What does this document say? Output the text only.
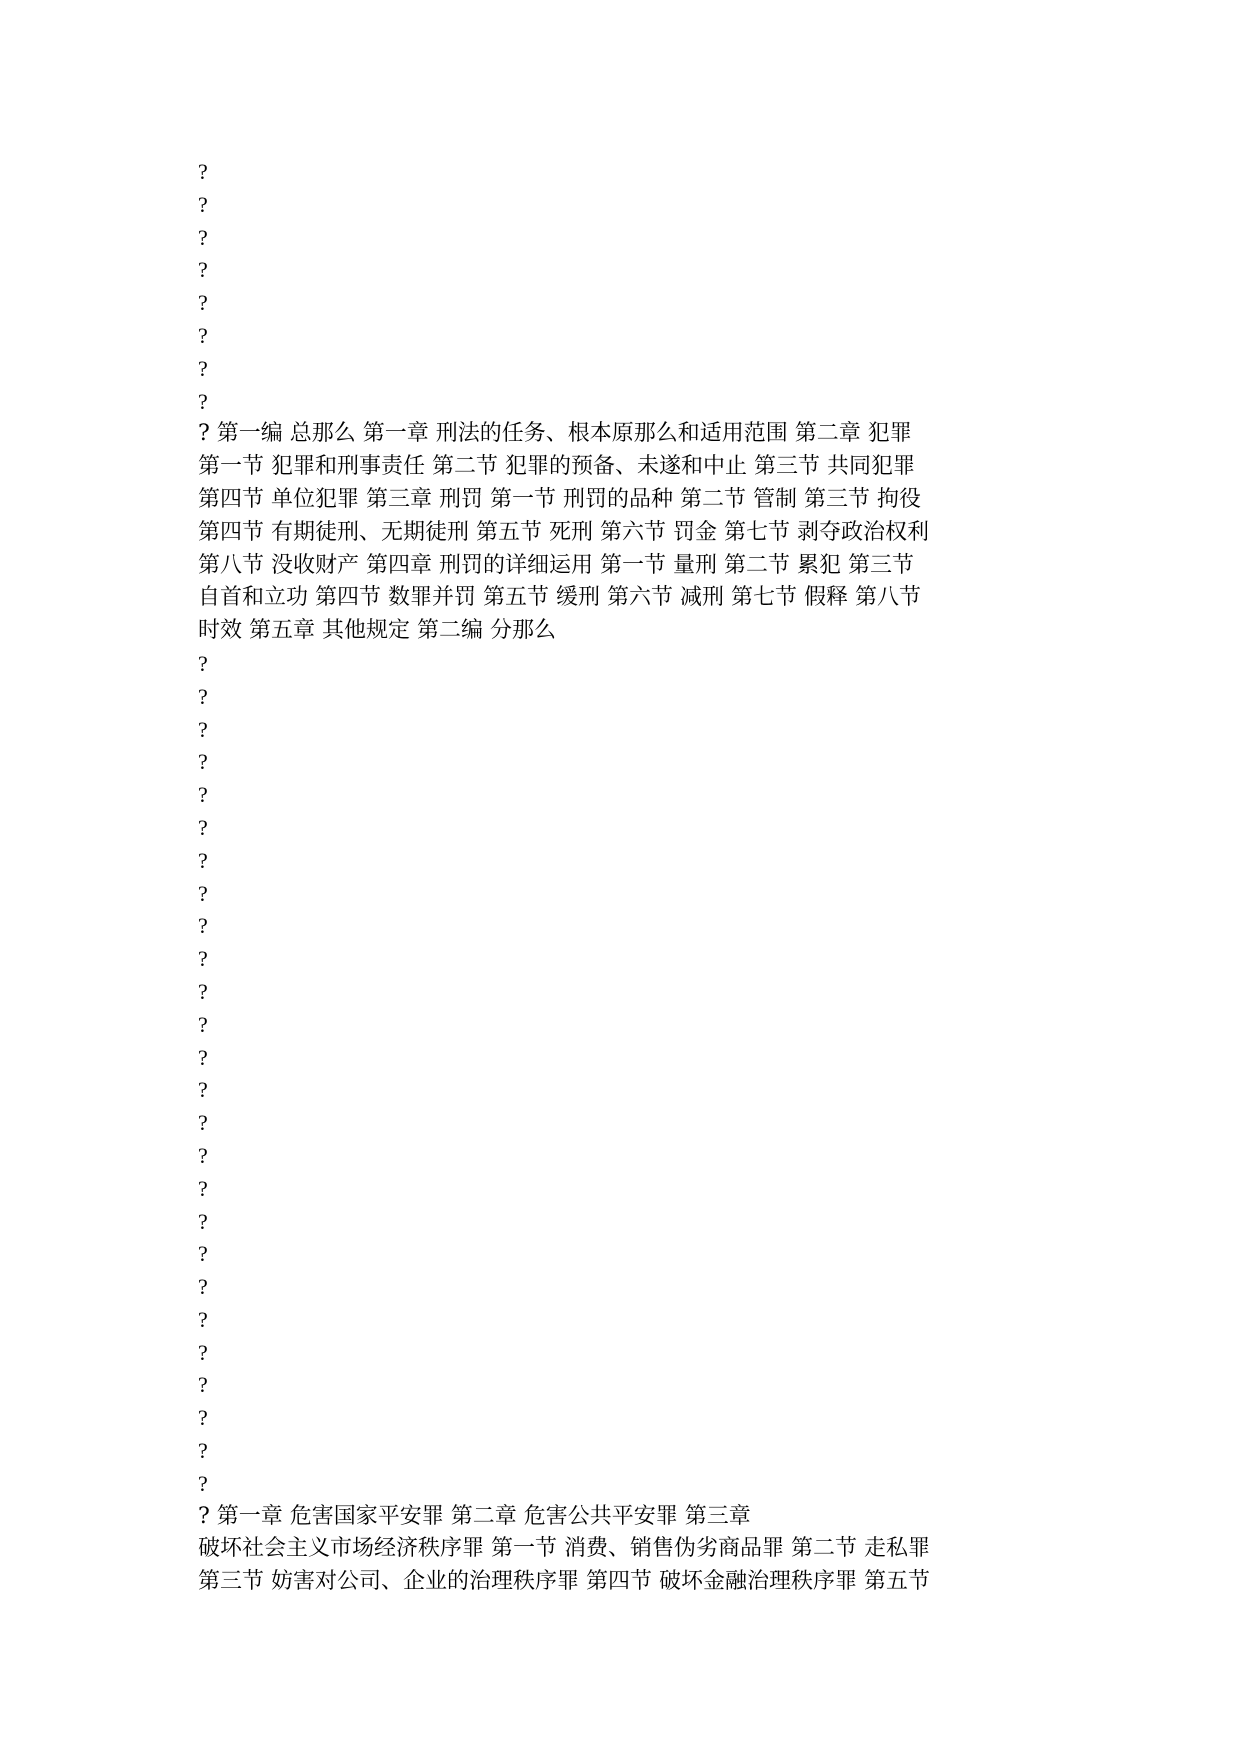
?
?
?
?
?
?
?
?
? 第一编 总那么 第一章 刑法的任务、根本原那么和适用范围 第二章 犯罪
第一节 犯罪和刑事责任 第二节 犯罪的预备、未遂和中止 第三节 共同犯罪
第四节 单位犯罪 第三章 刑罚 第一节 刑罚的品种 第二节 管制 第三节 拘役
第四节 有期徒刑、无期徒刑 第五节 死刑 第六节 罚金 第七节 剥夺政治权利
第八节 没收财产 第四章 刑罚的详细运用 第一节 量刑 第二节 累犯 第三节
自首和立功 第四节 数罪并罚 第五节 缓刑 第六节 减刑 第七节 假释 第八节
时效 第五章 其他规定 第二编 分那么
?
?
?
?
?
?
?
?
?
?
?
?
?
?
?
?
?
?
?
?
?
?
?
?
?
?
? 第一章 危害国家平安罪 第二章 危害公共平安罪 第三章
破坏社会主义市场经济秩序罪 第一节 消费、销售伪劣商品罪 第二节 走私罪
第三节 妨害对公司、企业的治理秩序罪 第四节 破坏金融治理秩序罪 第五节
